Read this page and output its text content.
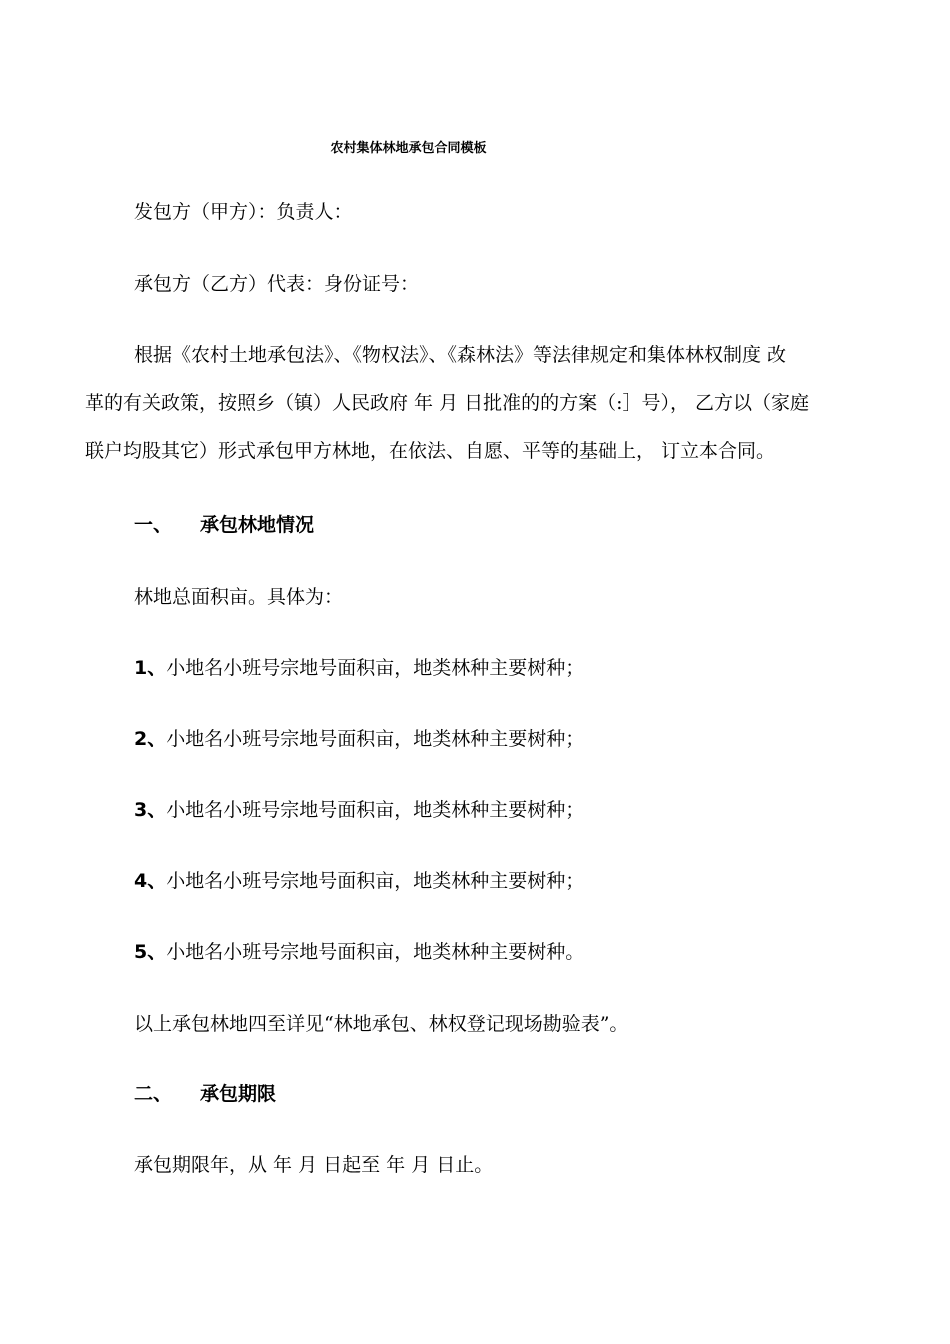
农村集体林地承包合同模板
发包方（甲方）：负责人：
承包方（乙方）代表：身份证号：
根据《农村土地承包法》、《物权法》、《森林法》等法律规定和集体林权制度 改
革的有关政策，按照乡（镇）人民政府 年 月 日批准的的方案（:］号）， 乙方以（家庭
联户均股其它）形式承包甲方林地，在依法、自愿、平等的基础上， 订立本合同。
一、 承包林地情况
林地总面积亩。具体为：
1、小地名小班号宗地号面积亩，地类林种主要树种；
2、小地名小班号宗地号面积亩，地类林种主要树种；
3、小地名小班号宗地号面积亩，地类林种主要树种；
4、小地名小班号宗地号面积亩，地类林种主要树种；
5、小地名小班号宗地号面积亩，地类林种主要树种。
以上承包林地四至详见“林地承包、林权登记现场勘验表”。
二、 承包期限
承包期限年，从 年 月 日起至 年 月 日止。
